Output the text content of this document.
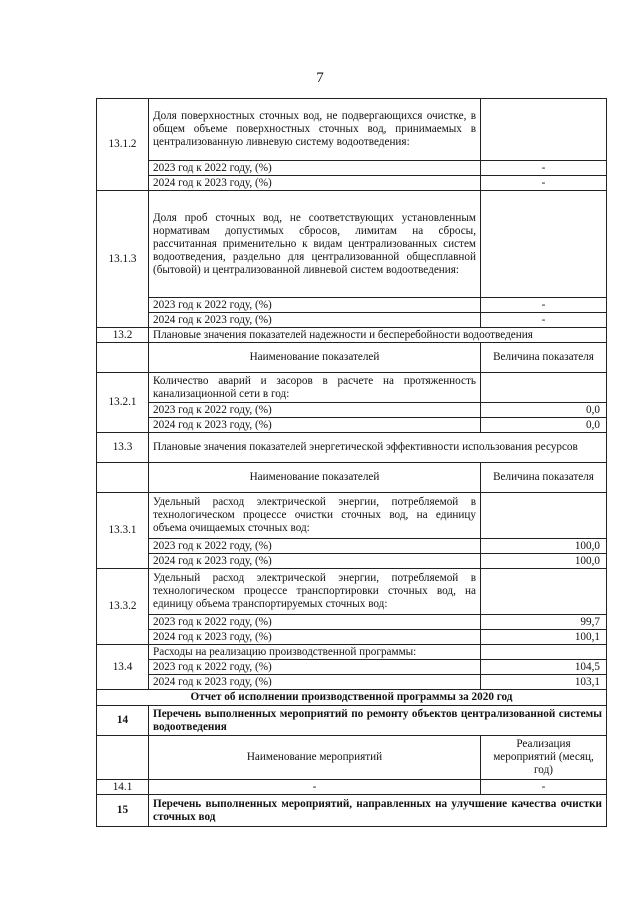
7
13.1.2	Доля поверхностных сточных вод, не подвергающихся очистке, в общем объеме поверхностных сточных вод, принимаемых в централизованную ливневую систему водоотведения:	
	2023 год к 2022 году, (%)	-
	2024 год к 2023 году, (%)	-
13.1.3	Доля проб сточных вод, не соответствующих установленным нормативам допустимых сбросов, лимитам на сбросы, рассчитанная применительно к видам централизованных систем водоотведения, раздельно для централизованной общесплавной (бытовой) и централизованной ливневой систем водоотведения:	
	2023 год к 2022 году, (%)	-
	2024 год к 2023 году, (%)	-
13.2	Плановые значения показателей надежности и бесперебойности водоотведения	
	Наименование показателей	Величина показателя
13.2.1	Количество аварий и засоров в расчете на протяженность канализационной сети в год:	
	2023 год к 2022 году, (%)	0,0
	2024 год к 2023 году, (%)	0,0
13.3	Плановые значения показателей энергетической эффективности использования ресурсов	
	Наименование показателей	Величина показателя
13.3.1	Удельный расход электрической энергии, потребляемой в технологическом процессе очистки сточных вод, на единицу объема очищаемых сточных вод:	
	2023 год к 2022 году, (%)	100,0
	2024 год к 2023 году, (%)	100,0
13.3.2	Удельный расход электрической энергии, потребляемой в технологическом процессе транспортировки сточных вод, на единицу объема транспортируемых сточных вод:	
	2023 год к 2022 году, (%)	99,7
	2024 год к 2023 году, (%)	100,1
13.4	Расходы на реализацию производственной программы:	
	2023 год к 2022 году, (%)	104,5
	2024 год к 2023 году, (%)	103,1
Отчет об исполнении производственной программы за 2020 год		
14	Перечень выполненных мероприятий по ремонту объектов централизованной системы водоотведения	
	Наименование мероприятий	Реализация мероприятий (месяц, год)
14.1	-	-
15	Перечень выполненных мероприятий, направленных на улучшение качества очистки сточных вод	
